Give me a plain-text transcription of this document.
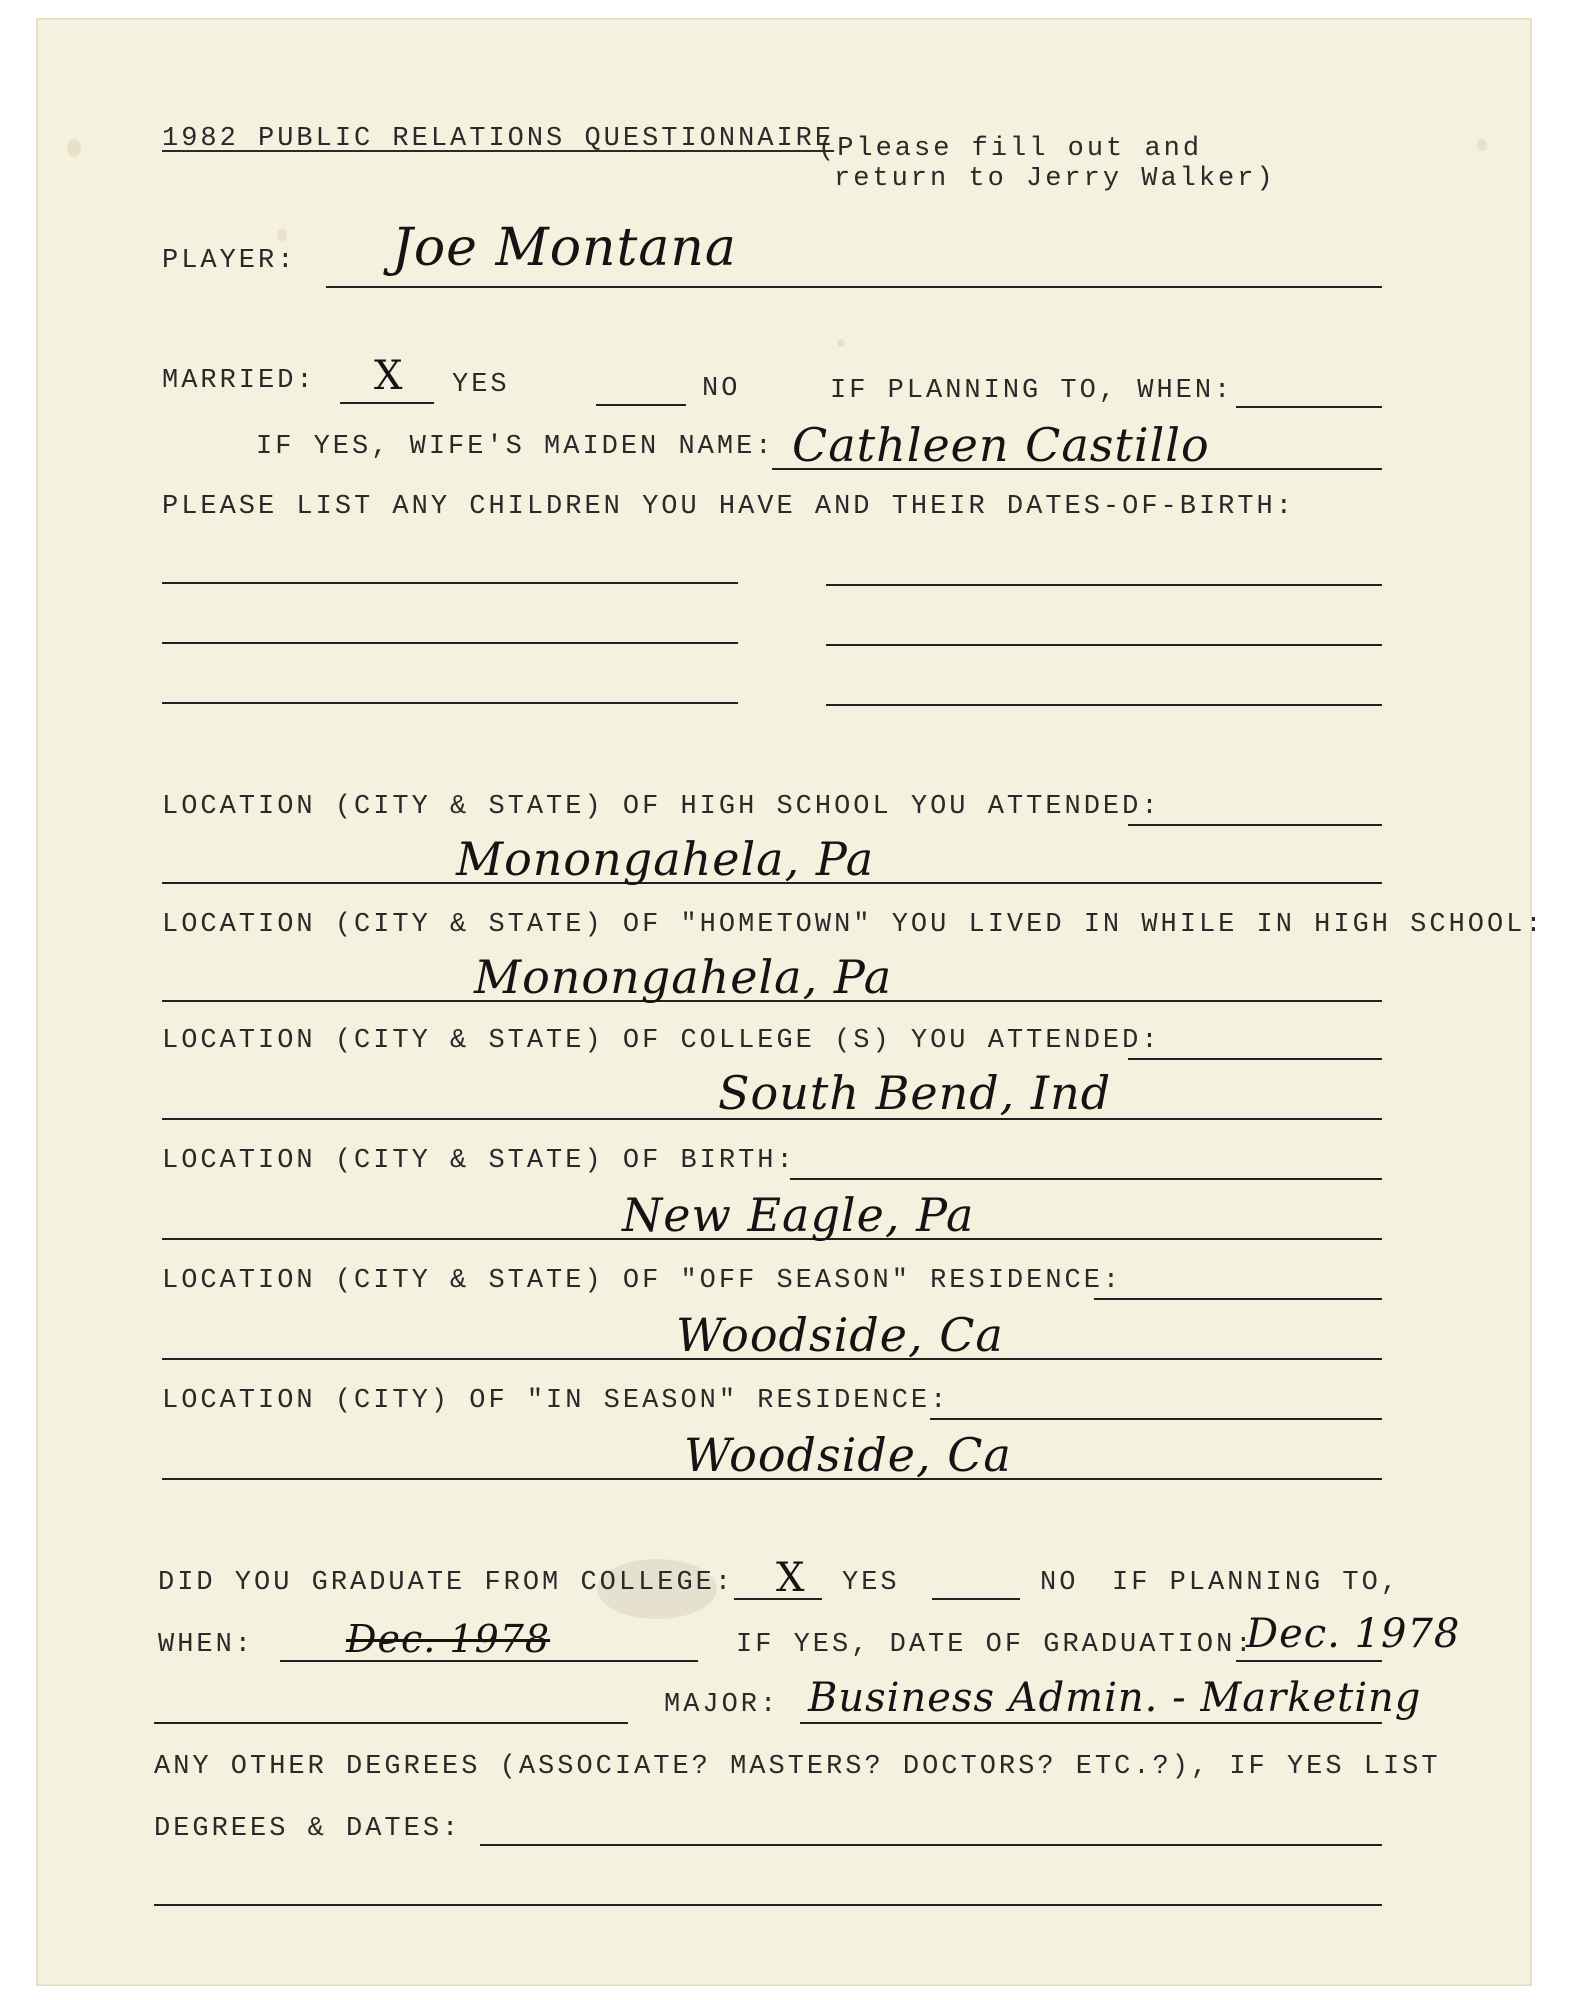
1982 PUBLIC RELATIONS QUESTIONNAIRE
(Please fill out and
return to Jerry Walker)
PLAYER: Joe Montana
MARRIED: X YES	NO	IF PLANNING TO, WHEN:
IF YES, WIFE'S MAIDEN NAME: Cathleen Castillo
PLEASE LIST ANY CHILDREN YOU HAVE AND THEIR DATES-OF-BIRTH:
LOCATION (CITY & STATE) OF HIGH SCHOOL YOU ATTENDED:
Monongahela, Pa
LOCATION (CITY & STATE) OF "HOMETOWN" YOU LIVED IN WHILE IN HIGH SCHOOL:
Monongahela, Pa
LOCATION (CITY & STATE) OF COLLEGE (S) YOU ATTENDED:
South Bend, Ind
LOCATION (CITY & STATE) OF BIRTH:
New Eagle, Pa
LOCATION (CITY & STATE) OF "OFF SEASON" RESIDENCE:
Woodside, Ca
LOCATION (CITY) OF "IN SEASON" RESIDENCE:
Woodside, Ca
DID YOU GRADUATE FROM COLLEGE: X YES	NO IF PLANNING TO,
WHEN: Dec. 1978	IF YES, DATE OF GRADUATION:
Dec. 1978
MAJOR: Business Admin. - Marketing
ANY OTHER DEGREES (ASSOCIATE? MASTERS? DOCTORS? ETC.?), IF YES LIST
DEGREES & DATES:
